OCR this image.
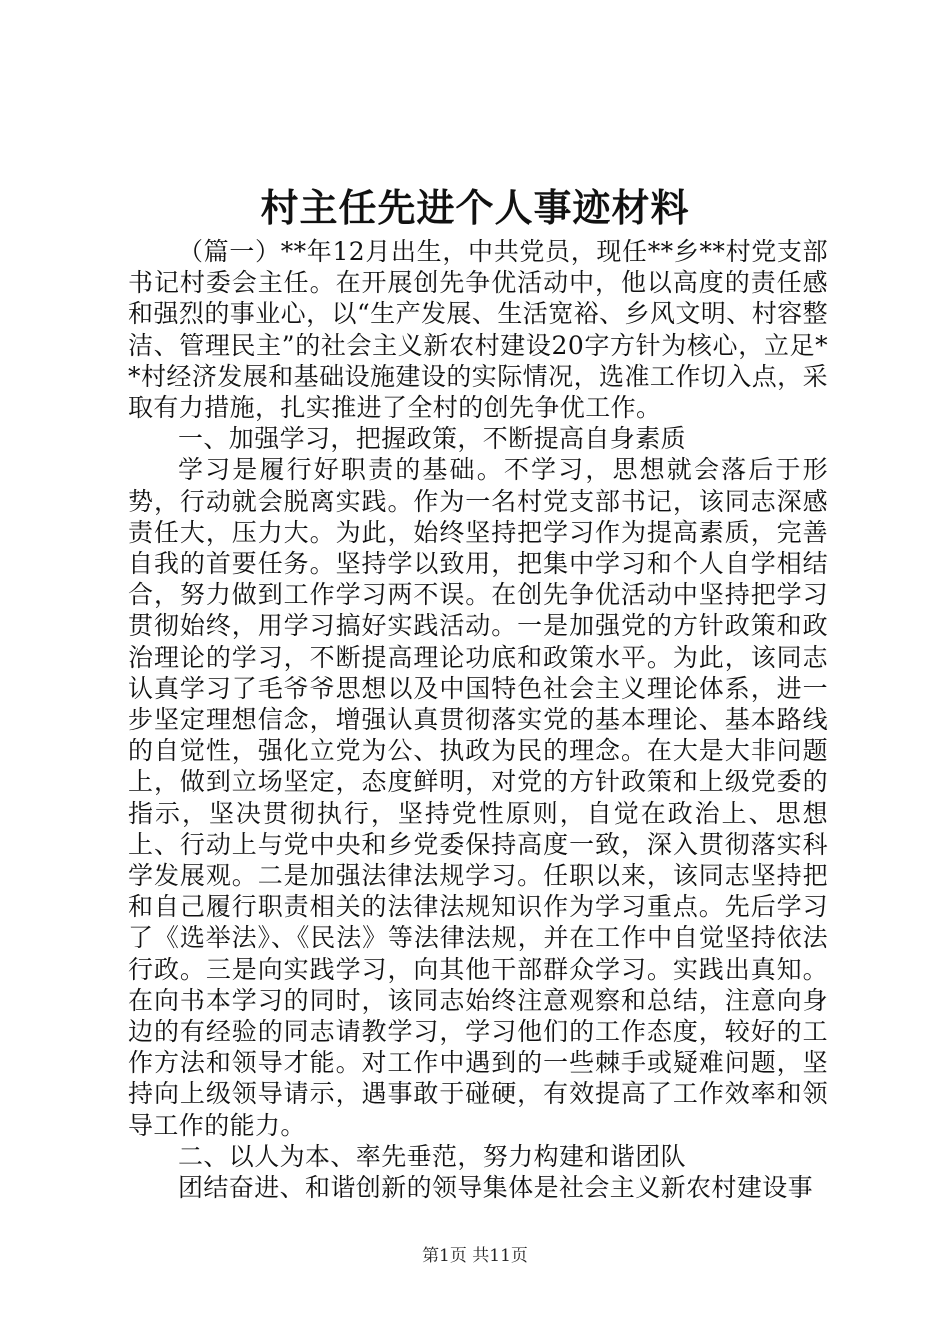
村主任先进个人事迹材料

（篇一）**年12月出生，中共党员，现任**乡**村党支部书记村委会主任。在开展创先争优活动中，他以高度的责任感和强烈的事业心，以“生产发展、生活宽裕、乡风文明、村容整洁、管理民主”的社会主义新农村建设20字方针为核心，立足**村经济发展和基础设施建设的实际情况，选准工作切入点，采取有力措施，扎实推进了全村的创先争优工作。

一、加强学习，把握政策，不断提高自身素质

学习是履行好职责的基础。不学习，思想就会落后于形势，行动就会脱离实践。作为一名村党支部书记，该同志深感责任大，压力大。为此，始终坚持把学习作为提高素质，完善自我的首要任务。坚持学以致用，把集中学习和个人自学相结合，努力做到工作学习两不误。在创先争优活动中坚持把学习贯彻始终，用学习搞好实践活动。一是加强党的方针政策和政治理论的学习，不断提高理论功底和政策水平。为此，该同志认真学习了毛爷爷思想以及中国特色社会主义理论体系，进一步坚定理想信念，增强认真贯彻落实党的基本理论、基本路线的自觉性，强化立党为公、执政为民的理念。在大是大非问题上，做到立场坚定，态度鲜明，对党的方针政策和上级党委的指示，坚决贯彻执行，坚持党性原则，自觉在政治上、思想上、行动上与党中央和乡党委保持高度一致，深入贯彻落实科学发展观。二是加强法律法规学习。任职以来，该同志坚持把和自己履行职责相关的法律法规知识作为学习重点。先后学习了《选举法》、《民法》等法律法规，并在工作中自觉坚持依法行政。三是向实践学习，向其他干部群众学习。实践出真知。在向书本学习的同时，该同志始终注意观察和总结，注意向身边的有经验的同志请教学习，学习他们的工作态度，较好的工作方法和领导才能。对工作中遇到的一些棘手或疑难问题，坚持向上级领导请示，遇事敢于碰硬，有效提高了工作效率和领导工作的能力。

二、以人为本、率先垂范，努力构建和谐团队

团结奋进、和谐创新的领导集体是社会主义新农村建设事

第1页 共11页
